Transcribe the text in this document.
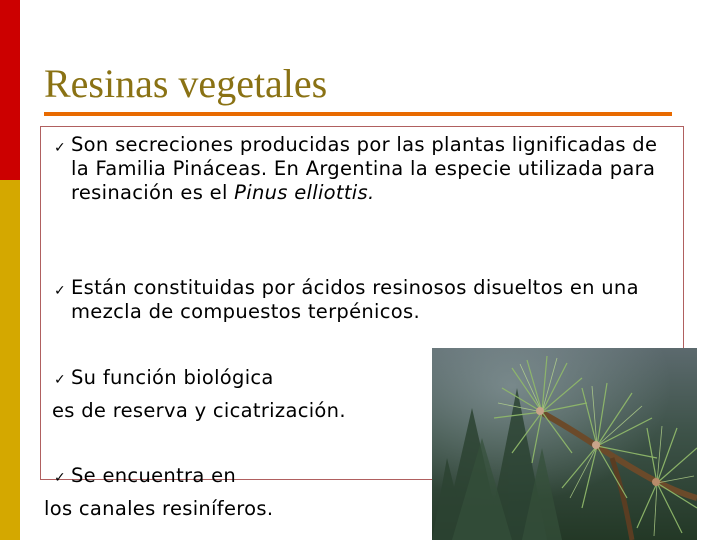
Resinas vegetales
✓ Son secreciones producidas por las plantas lignificadas de la Familia Pináceas. En Argentina la especie utilizada para resinación es el Pinus elliottis.
✓ Están constituidas por ácidos resinosos disueltos en una mezcla de compuestos terpénicos.
✓ Su función biológica
es de reserva y cicatrización.
✓ Se encuentra en
los canales resiníferos.
